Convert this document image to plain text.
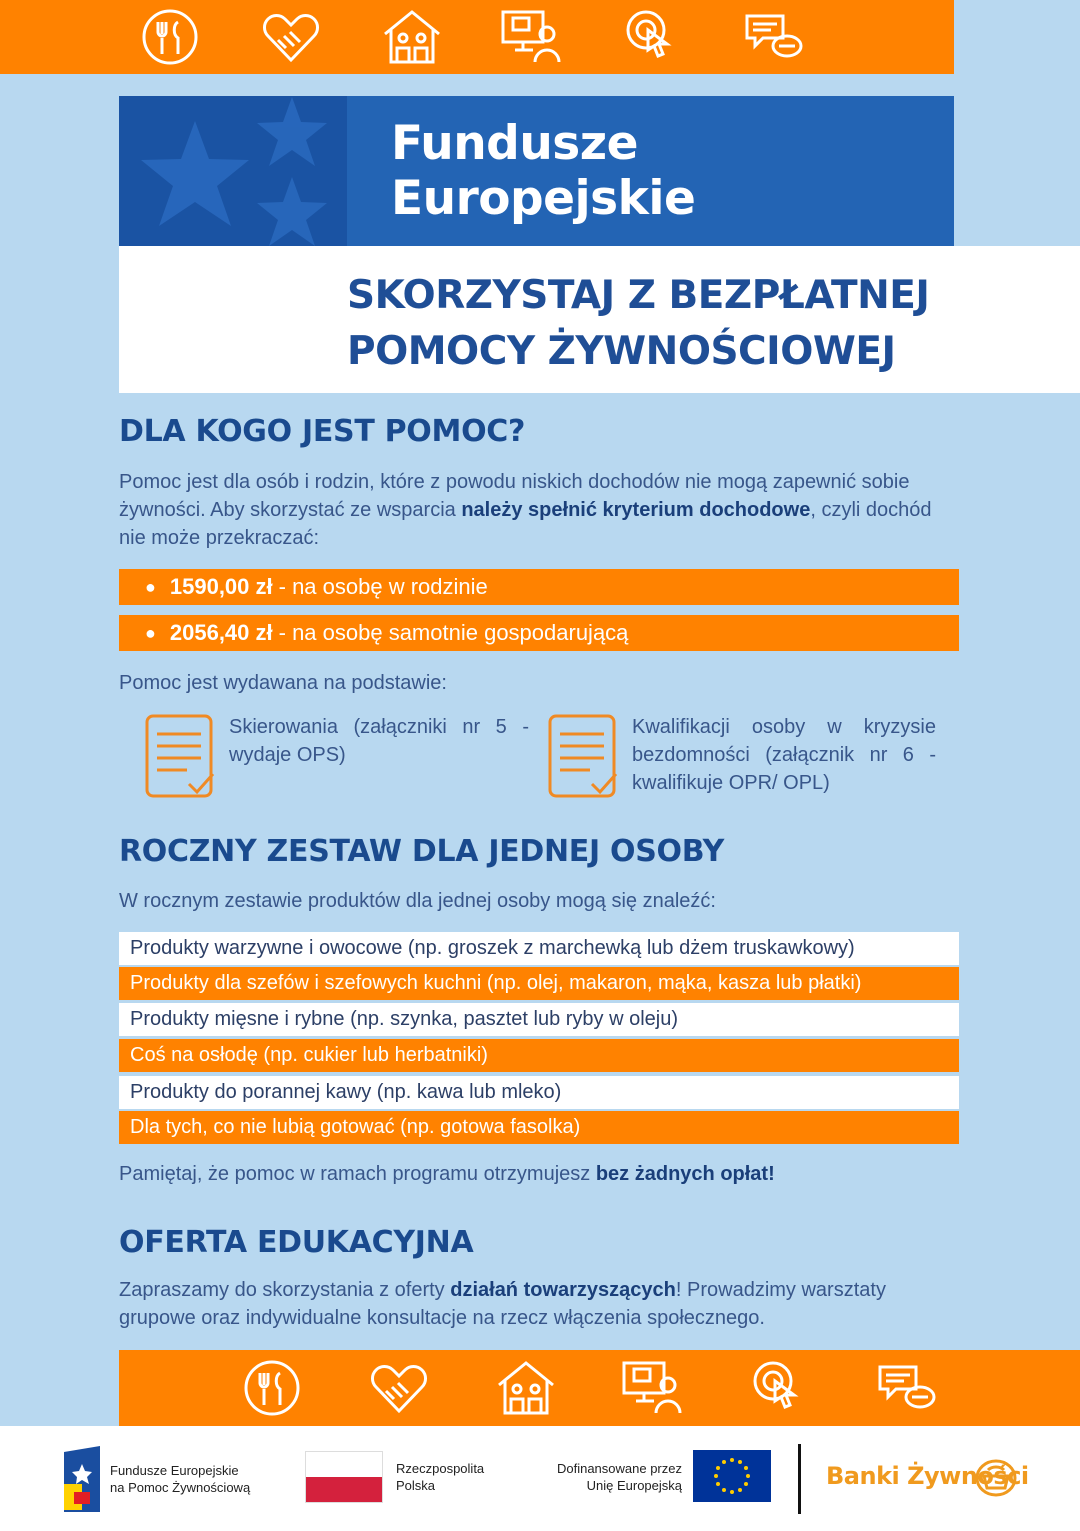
Fundusze Europejskie
SKORZYSTAJ Z BEZPŁATNEJ
POMOCY ŻYWNOŚCIOWEJ
DLA KOGO JEST POMOC?
Pomoc jest dla osób i rodzin, które z powodu niskich dochodów nie mogą zapewnić sobie żywności. Aby skorzystać ze wsparcia należy spełnić kryterium dochodowe, czyli dochód nie może przekraczać:
● 1590,00 zł - na osobę w rodzinie
● 2056,40 zł - na osobę samotnie gospodarującą
Pomoc jest wydawana na podstawie:
Skierowania (załączniki nr 5 - wydaje OPS)
Kwalifikacji osoby w kryzysie bezdomności (załącznik nr 6 - kwalifikuje OPR/ OPL)
ROCZNY ZESTAW DLA JEDNEJ OSOBY
W rocznym zestawie produktów dla jednej osoby mogą się znaleźć:
Produkty warzywne i owocowe (np. groszek z marchewką lub dżem truskawkowy)
Produkty dla szefów i szefowych kuchni (np. olej, makaron, mąka, kasza lub płatki)
Produkty mięsne i rybne (np. szynka, pasztet lub ryby w oleju)
Coś na osłodę (np. cukier lub herbatniki)
Produkty do porannej kawy (np. kawa lub mleko)
Dla tych, co nie lubią gotować (np. gotowa fasolka)
Pamiętaj, że pomoc w ramach programu otrzymujesz bez żadnych opłat!
OFERTA EDUKACYJNA
Zapraszamy do skorzystania z oferty działań towarzyszących! Prowadzimy warsztaty grupowe oraz indywidualne konsultacje na rzecz włączenia społecznego.
Fundusze Europejskie
na Pomoc Żywnościową
Rzeczpospolita
Polska
Dofinansowane przez
Unię Europejską	Banki Żywności
